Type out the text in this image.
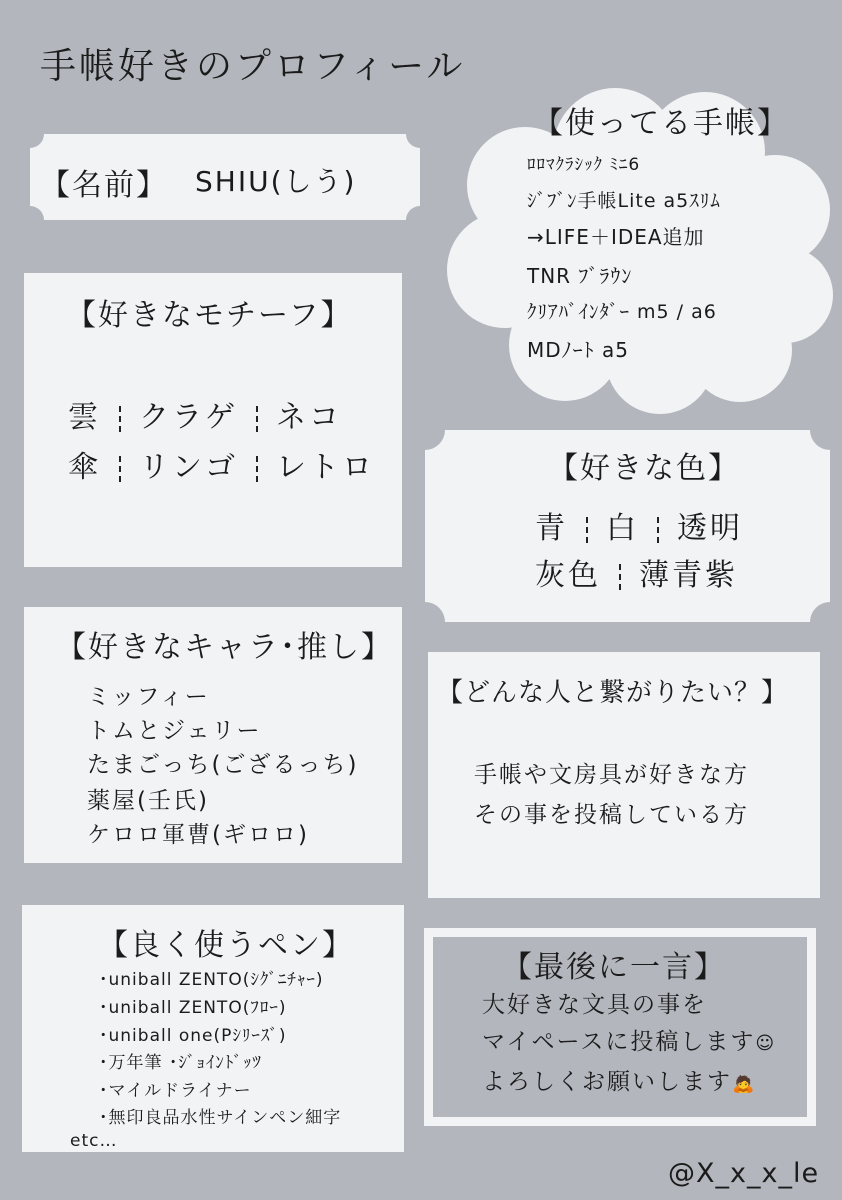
手帳好きのプロフィール
【名前】 SHIU(しう)
【使ってる手帳】
ﾛﾛﾏｸﾗｼｯｸ ﾐﾆ6
ｼﾞﾌﾞﾝ手帳Lite a5ｽﾘﾑ
→LIFE＋IDEA追加
TNR ﾌﾞﾗｳﾝ
ｸﾘｱﾊﾞｲﾝﾀﾞｰ m5 / a6
MDﾉｰﾄ a5
【好きなモチーフ】
雲 クラゲ ネコ
傘 リンゴ レトロ	【好きな色】
青 白 透明
灰色 薄青紫
【好きなキャラ･推し】
ミッフィー
トムとジェリー
たまごっち(ござるっち)
薬屋(壬氏)
ケロロ軍曹(ギロロ)
【どんな人と繋がりたい？】
手帳や文房具が好きな方
その事を投稿している方
【良く使うペン】
･uniball ZENTO(ｼｸﾞﾆﾁｬｰ)
･uniball ZENTO(ﾌﾛｰ)
･uniball one(Pｼﾘｰｽﾞ)
･万年筆 ･ｼﾞｮｲﾝﾄﾞｯﾂ
･マイルドライナー
･無印良品水性サインペン細字
etc…
【最後に一言】
大好きな文具の事を
マイペースに投稿します☺
よろしくお願いします🙇
@X_x_x_le
